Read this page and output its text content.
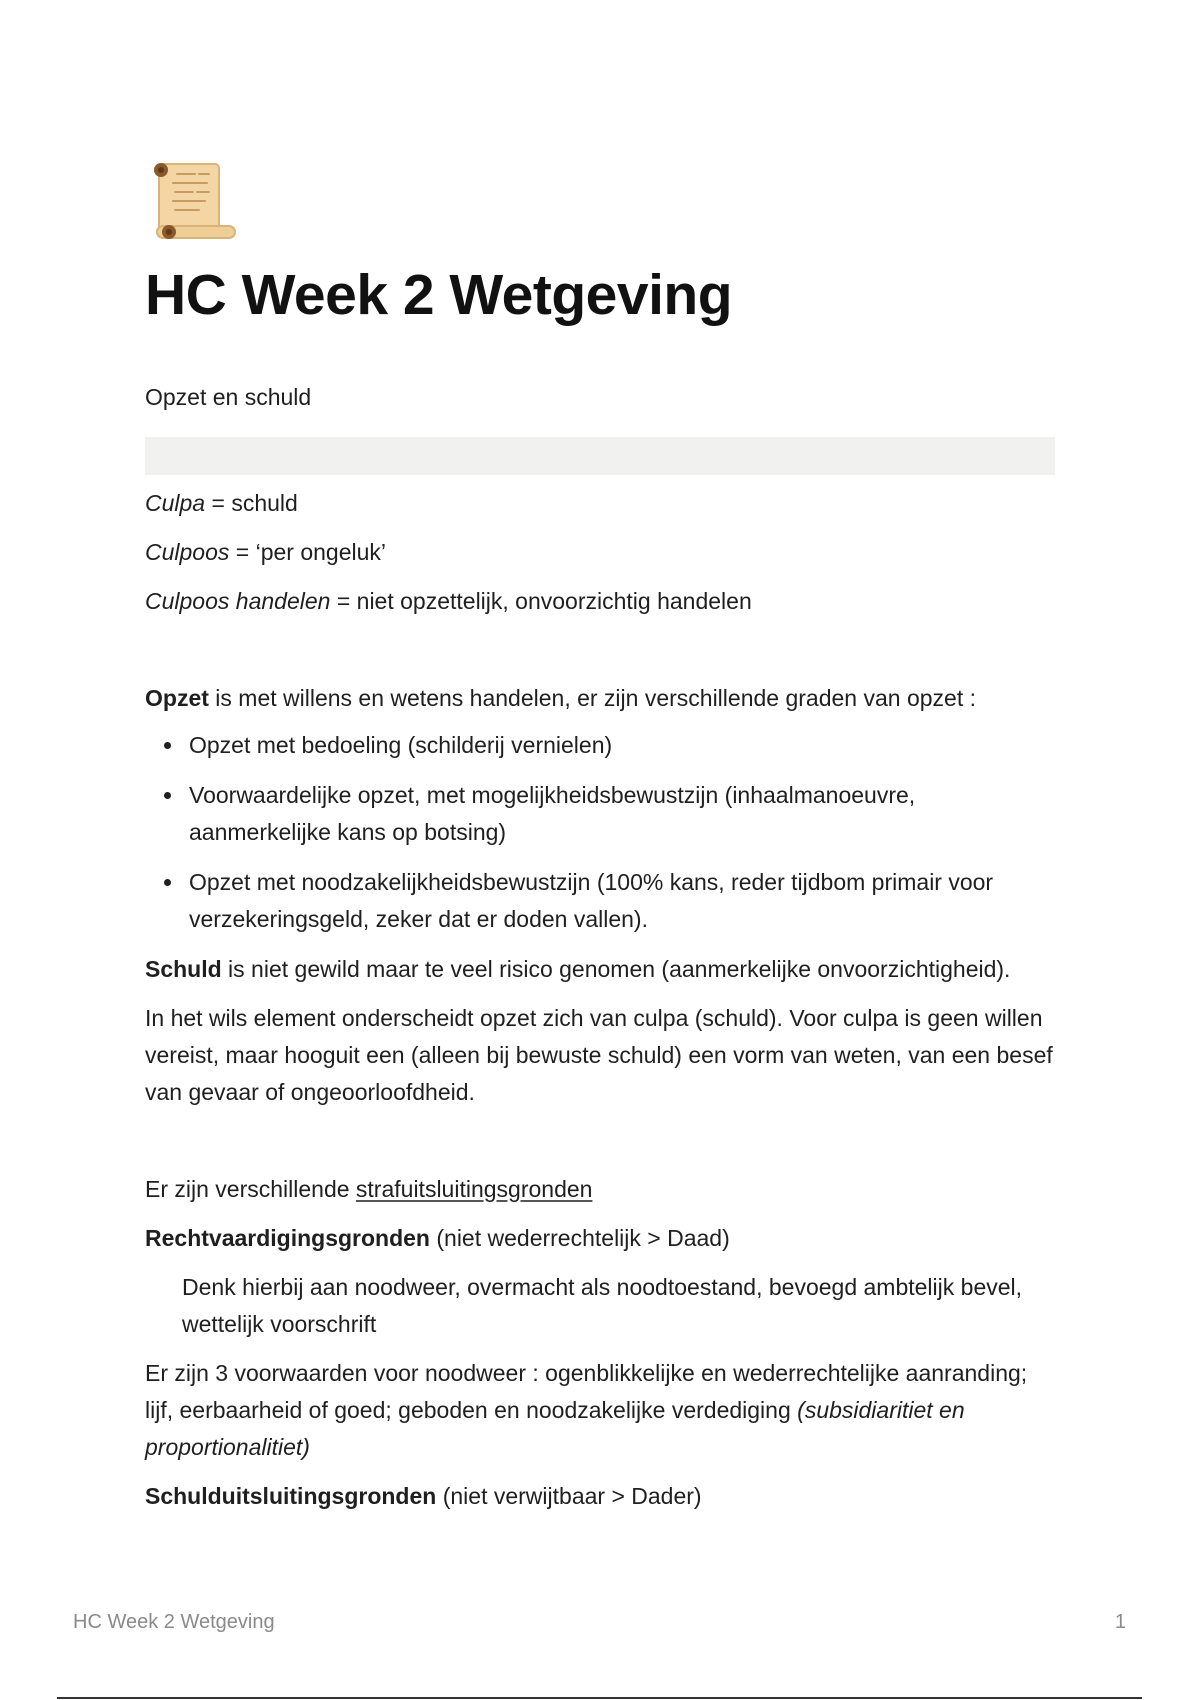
HC Week 2 Wetgeving
Opzet en schuld

Culpa = schuld

Culpoos = ‘per ongeluk’

Culpoos handelen = niet opzettelijk, onvoorzichtig handelen

Opzet is met willens en wetens handelen, er zijn verschillende graden van opzet :

Opzet met bedoeling (schilderij vernielen)
Voorwaardelijke opzet, met mogelijkheidsbewustzijn (inhaalmanoeuvre, aanmerkelijke kans op botsing)
Opzet met noodzakelijkheidsbewustzijn (100% kans, reder tijdbom primair voor verzekeringsgeld, zeker dat er doden vallen).

Schuld is niet gewild maar te veel risico genomen (aanmerkelijke onvoorzichtigheid).

In het wils element onderscheidt opzet zich van culpa (schuld). Voor culpa is geen willen vereist, maar hooguit een (alleen bij bewuste schuld) een vorm van weten, van een besef van gevaar of ongeoorloofdheid.

Er zijn verschillende strafuitsluitingsgronden

Rechtvaardigingsgronden (niet wederrechtelijk > Daad)

Denk hierbij aan noodweer, overmacht als noodtoestand, bevoegd ambtelijk bevel, wettelijk voorschrift

Er zijn 3 voorwaarden voor noodweer : ogenblikkelijke en wederrechtelijke aanranding; lijf, eerbaarheid of goed; geboden en noodzakelijke verdediging (subsidiaritiet en proportionalitiet)

Schulduitsluitingsgronden (niet verwijtbaar > Dader)

HC Week 2 Wetgeving	1
